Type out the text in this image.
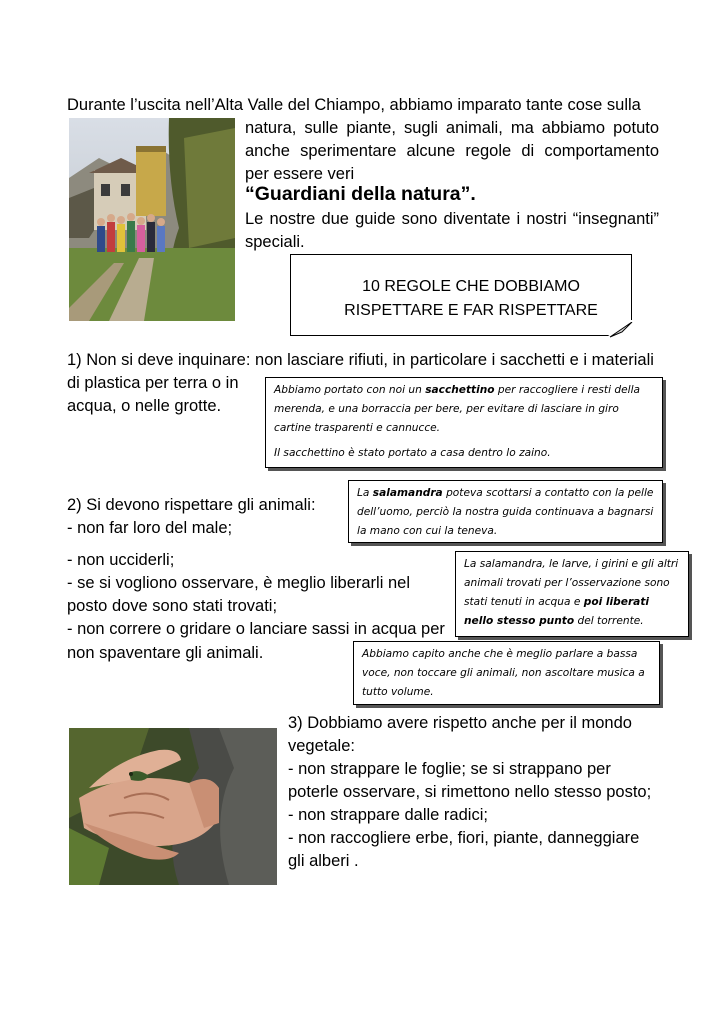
Durante l’uscita nell’Alta Valle del Chiampo, abbiamo imparato tante cose sulla
natura, sulle piante, sugli animali, ma abbiamo potuto anche sperimentare alcune regole di comportamento per essere veri
“Guardiani della natura”.
Le nostre due guide sono diventate i nostri “insegnanti” speciali.
10 REGOLE CHE DOBBIAMO
RISPETTARE E FAR RISPETTARE
1) Non si deve inquinare: non lasciare rifiuti, in particolare i sacchetti e i materiali
di plastica per terra o in
acqua, o nelle grotte.
Abbiamo portato con noi un sacchettino per raccogliere i resti della merenda, e una borraccia per bere, per evitare di lasciare in giro cartine trasparenti e cannucce.
Il sacchettino è stato portato a casa dentro lo zaino.
2) Si devono rispettare gli animali:
- non far loro del male;
- non ucciderli;
- se si vogliono osservare, è meglio liberarli nel
posto dove sono stati trovati;
- non correre o gridare o lanciare sassi in acqua per
non spaventare gli animali.
La salamandra poteva scottarsi a contatto con la pelle dell’uomo, perciò la nostra guida continuava a bagnarsi la mano con cui la teneva.
La salamandra, le larve, i girini e gli altri animali trovati per l’osservazione sono stati tenuti in acqua e poi liberati nello stesso punto del torrente.
Abbiamo capito anche che è meglio parlare a bassa voce, non toccare gli animali, non ascoltare musica a tutto volume.
3) Dobbiamo avere rispetto anche per il mondo
vegetale:
- non strappare le foglie; se si strappano per
poterle osservare, si rimettono nello stesso posto;
- non strappare dalle radici;
- non raccogliere erbe, fiori, piante, danneggiare
gli alberi .
